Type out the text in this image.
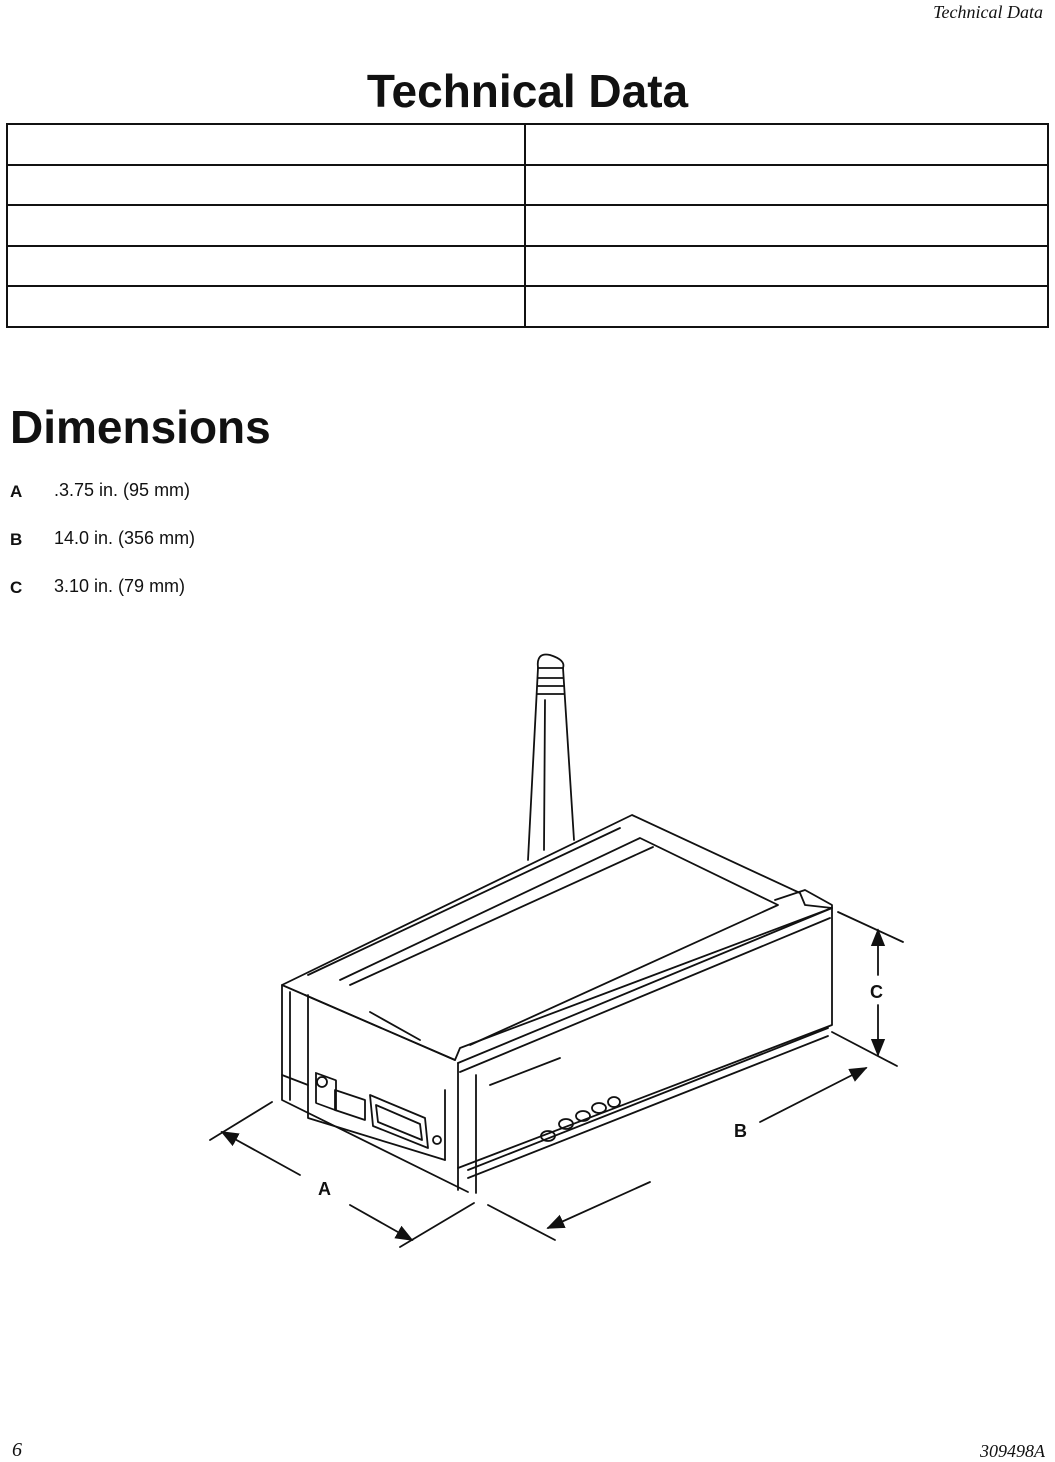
Technical Data
Technical Data

Dimensions
A .3.75 in. (95 mm)
B 14.0 in. (356 mm)
C 3.10 in. (79 mm)
C
A
B
6	309498A
